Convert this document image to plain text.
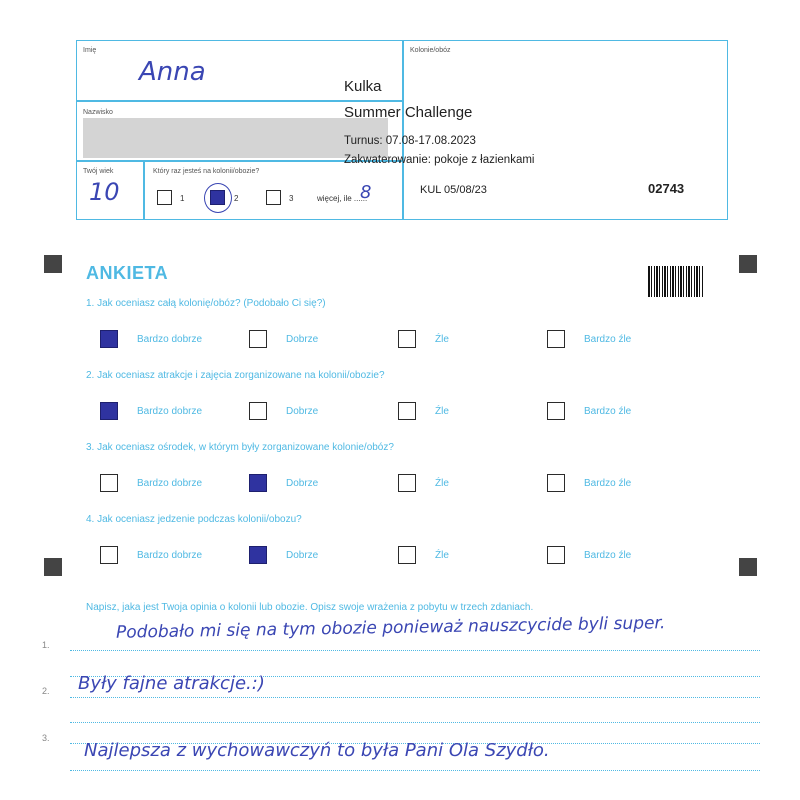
Imię
Anna
Nazwisko
Twój wiek
10
Który raz jesteś na kolonii/obozie?
1 ○ 2	3	więcej, ile ......
8
Kolonie/obóz
Kulka
Summer Challenge
Turnus: 07.08-17.08.2023
Zakwaterowanie: pokoje z łazienkami
KUL 05/08/23	02743
ANKIETA
1. Jak oceniasz całą kolonię/obóz? (Podobało Ci się?)
Bardzo dobrze	Dobrze	Źle	Bardzo źle
2. Jak oceniasz atrakcje i zajęcia zorganizowane na kolonii/obozie?
Bardzo dobrze	Dobrze	Źle	Bardzo źle
3. Jak oceniasz ośrodek, w którym były zorganizowane kolonie/obóz?
Bardzo dobrze	Dobrze	Źle	Bardzo źle
4. Jak oceniasz jedzenie podczas kolonii/obozu?
Bardzo dobrze	Dobrze	Źle	Bardzo źle
Napisz, jaka jest Twoja opinia o kolonii lub obozie. Opisz swoje wrażenia z pobytu w trzech zdaniach.
1.
2.
3.
Podobało mi się na tym obozie ponieważ nauszcycide byli super.
Były fajne atrakcje.:)
Najlepsza z wychowawczyń to była Pani Ola Szydło.
